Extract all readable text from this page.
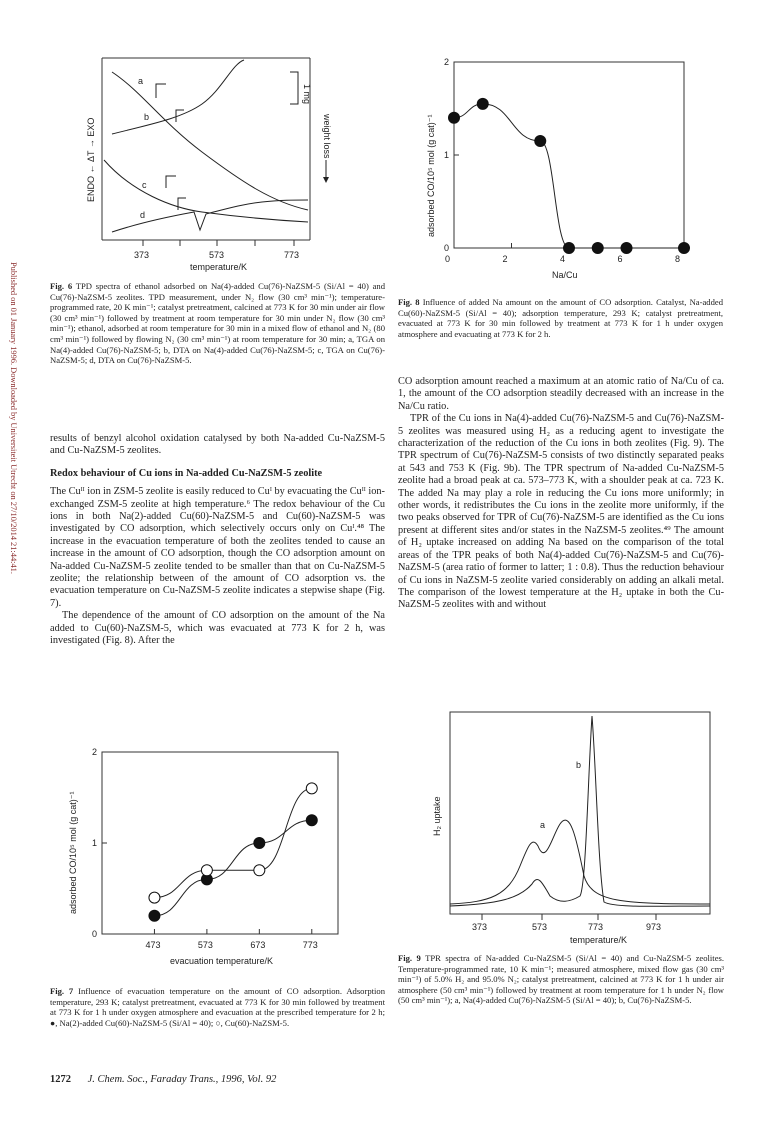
Published on 01 January 1996. Downloaded by Universiteit Utrecht on 27/10/2014 21:44:41.
1 mg
a
b
c
d
ENDO ← ΔT → EXO	weight loss
373	573	773
temperature/K
Fig. 6 TPD spectra of ethanol adsorbed on Na(4)-added Cu(76)-NaZSM-5 (Si/Al = 40) and Cu(76)-NaZSM-5 zeolites. TPD measurement, under N₂ flow (30 cm³ min⁻¹); temperature-programmed rate, 20 K min⁻¹; catalyst pretreatment, calcined at 773 K for 30 min under air flow (30 cm³ min⁻¹) followed by treatment at room temperature for 30 min under N₂ flow (30 cm³ min⁻¹); ethanol, adsorbed at room temperature for 30 min in a mixed flow of ethanol and N₂ (80 cm³ min⁻¹) followed by flowing N₂ (30 cm³ min⁻¹) at room temperature for 30 min; a, TGA on Na(4)-added Cu(76)-NaZSM-5; b, DTA on Na(4)-added Cu(76)-NaZSM-5; c, TGA on Cu(76)-NaZSM-5; d, DTA on Cu(76)-NaZSM-5.
0	2	4	6	8
0
1
2
adsorbed CO/10⁵ mol (g cat)⁻¹
Na/Cu
Fig. 8 Influence of added Na amount on the amount of CO adsorption. Catalyst, Na-added Cu(60)-NaZSM-5 (Si/Al = 40); adsorption temperature, 293 K; catalyst pretreatment, evacuated at 773 K for 30 min followed by treatment at 773 K for 1 h under oxygen atmosphere and evacuating at 773 K for 2 h.

results of benzyl alcohol oxidation catalysed by both Na-added Cu-NaZSM-5 and Cu-NaZSM-5 zeolites.

Redox behaviour of Cu ions in Na-added Cu-NaZSM-5 zeolite

The Cuᴵᴵ ion in ZSM-5 zeolite is easily reduced to Cuᴵ by evacuating the Cuᴵᴵ ion-exchanged ZSM-5 zeolite at high temperature.⁶ The redox behaviour of the Cu ions in both Na(2)-added Cu(60)-NaZSM-5 and Cu(60)-NaZSM-5 was investigated by CO adsorption, which selectively occurs only on Cuᴵ.⁴⁸ The increase in the evacuation temperature of both the zeolites tended to cause an increase in the amount of CO adsorption, though the CO adsorption amount on Na-added Cu-NaZSM-5 zeolite tended to be smaller than that on Cu-NaZSM-5 zeolite; the relationship between of the amount of CO adsorption vs. the evacuation temperature on Cu-NaZSM-5 zeolite indicates a stepwise shape (Fig. 7).

The dependence of the amount of CO adsorption on the amount of the Na added to Cu(60)-NaZSM-5, which was evacuated at 773 K for 2 h, was investigated (Fig. 8). After the

CO adsorption amount reached a maximum at an atomic ratio of Na/Cu of ca. 1, the amount of the CO adsorption steadily decreased with an increase in the Na/Cu ratio.

TPR of the Cu ions in Na(4)-added Cu(76)-NaZSM-5 and Cu(76)-NaZSM-5 zeolites was measured using H₂ as a reducing agent to investigate the characterization of the reduction of the Cu ions in both zeolites (Fig. 9). The TPR spectrum of Cu(76)-NaZSM-5 consists of two distinctly separated peaks at 543 and 753 K (Fig. 9b). The TPR spectrum of Na-added Cu-NaZSM-5 zeolite had a broad peak at ca. 573–773 K, with a shoulder peak at ca. 723 K. The added Na may play a role in reducing the Cu ions more uniformly; in other words, it redistributes the Cu ions in the zeolite more uniformly, if the two peaks observed for TPR of Cu(76)-NaZSM-5 are identified as the Cu ions present at different sites and/or states in the NaZSM-5 zeolites.⁴⁹ The amount of H₂ uptake increased on adding Na based on the comparison of the total areas of the TPR peaks of both Na(4)-added Cu(76)-NaZSM-5 and Cu(76)-NaZSM-5 (area ratio of former to latter; 1 : 0.8). Thus the reduction behaviour of Cu ions in NaZSM-5 zeolite varied considerably on adding an alkali metal. The comparison of the lowest temperature at the H₂ uptake in both the Cu-NaZSM-5 zeolites with and without

473	573	673	773
0
1
2
adsorbed CO/10⁵ mol (g cat)⁻¹
evacuation temperature/K
Fig. 7 Influence of evacuation temperature on the amount of CO adsorption. Adsorption temperature, 293 K; catalyst pretreatment, evacuated at 773 K for 30 min followed by treatment at 773 K for 1 h under oxygen atmosphere and evacuation at the prescribed temperature for 2 h; ●, Na(2)-added Cu(60)-NaZSM-5 (Si/Al = 40); ○, Cu(60)-NaZSM-5.
a
b
H₂ uptake
373	573	773	973
temperature/K
Fig. 9 TPR spectra of Na-added Cu-NaZSM-5 (Si/Al = 40) and Cu-NaZSM-5 zeolites. Temperature-programmed rate, 10 K min⁻¹; measured atmosphere, mixed flow gas (30 cm³ min⁻¹) of 5.0% H₂ and 95.0% N₂; catalyst pretreatment, calcined at 773 K for 1 h under air atmosphere (50 cm³ min⁻¹) followed by treatment at room temperature for 1 h under N₂ flow (50 cm³ min⁻¹); a, Na(4)-added Cu(76)-NaZSM-5 (Si/Al = 40); b, Cu(76)-NaZSM-5.
1272 J. Chem. Soc., Faraday Trans., 1996, Vol. 92
